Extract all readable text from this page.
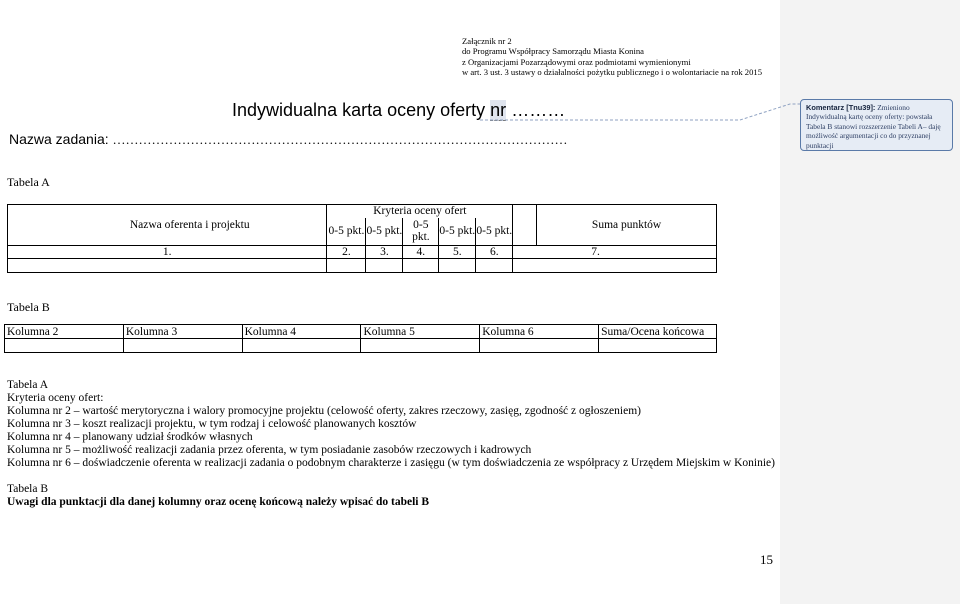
Załącznik nr 2
do Programu Współpracy Samorządu Miasta Konina
z Organizacjami Pozarządowymi oraz podmiotami wymienionymi
w art. 3 ust. 3 ustawy o działalności pożytku publicznego i o wolontariacie na rok 2015
Indywidualna karta oceny oferty nr ………
Nazwa zadania: ……………………………………………………………………………………………
Tabela A
Nazwa oferenta i projektu	Kryteria oceny ofert						Suma punktów
	0-5 pkt.	0-5 pkt.	0-5 pkt.	0-5 pkt.	0-5 pkt.		
1.	2.	3.	4.	5.	6.	7.	

Tabela B
Kolumna 2	Kolumna 3	Kolumna 4	Kolumna 5	Kolumna 6	Suma/Ocena końcowa

Tabela A
Kryteria oceny ofert:
Kolumna nr 2 – wartość merytoryczna i walory promocyjne projektu (celowość oferty, zakres rzeczowy, zasięg, zgodność z ogłoszeniem)
Kolumna nr 3 – koszt realizacji projektu, w tym rodzaj i celowość planowanych kosztów
Kolumna nr 4 – planowany udział środków własnych
Kolumna nr 5 – możliwość realizacji zadania przez oferenta, w tym posiadanie zasobów rzeczowych i kadrowych
Kolumna nr 6 – doświadczenie oferenta w realizacji zadania o podobnym charakterze i zasięgu (w tym doświadczenia ze współpracy z Urzędem Miejskim w Koninie)
Tabela B
Uwagi dla punktacji dla danej kolumny oraz ocenę końcową należy wpisać do tabeli B
15
Komentarz [Tnu39]: Zmieniono Indywidualną kartę oceny oferty: powstała Tabela B stanowi rozszerzenie Tabeli A– daję możliwość argumentacji co do przyznanej punktacji
